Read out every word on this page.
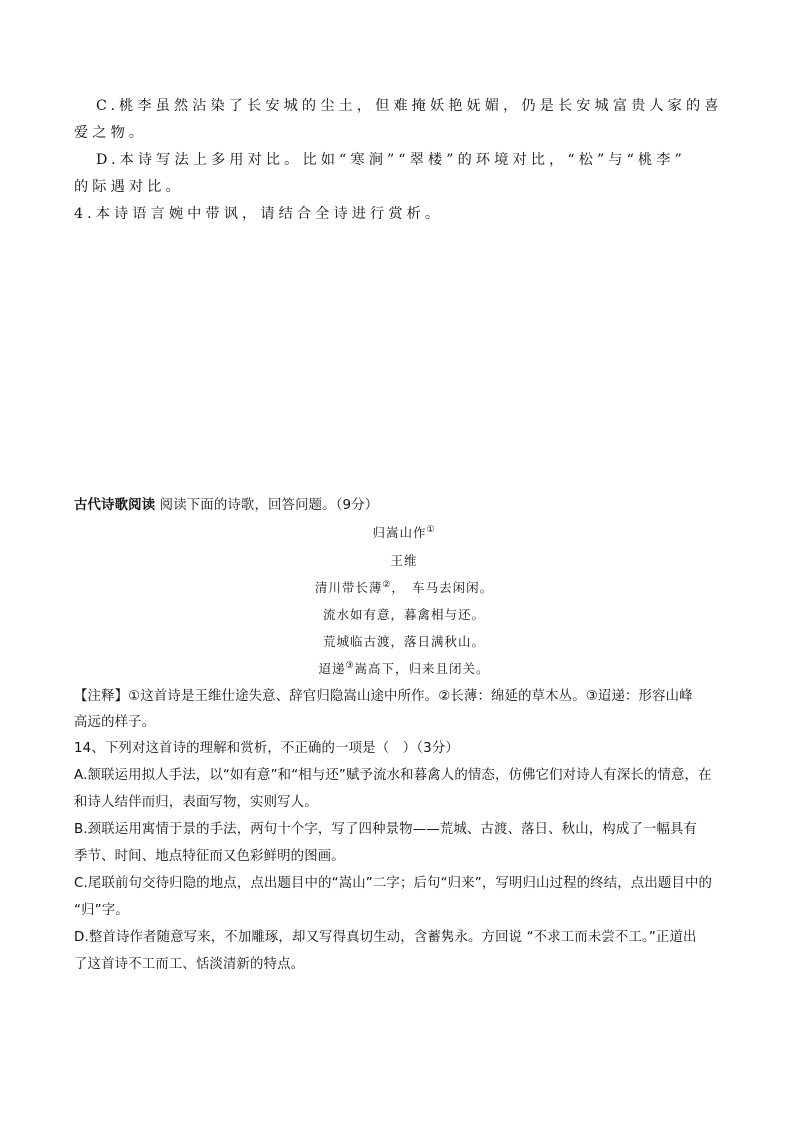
C.桃李虽然沾染了长安城的尘土，但难掩妖艳妩媚，仍是长安城富贵人家的喜
爱之物。
D.本诗写法上多用对比。比如“寒涧”“翠楼”的环境对比，“松”与“桃李”
的际遇对比。
4.本诗语言婉中带讽，请结合全诗进行赏析。
古代诗歌阅读 阅读下面的诗歌，回答问题。（9分）
归嵩山作①
王维
清川带长薄②，　车马去闲闲。
流水如有意，暮禽相与还。
荒城临古渡，落日满秋山。
迢递③嵩高下，归来且闭关。
【注释】①这首诗是王维仕途失意、辞官归隐嵩山途中所作。②长薄：绵延的草木丛。③迢递：形容山峰
高远的样子。
14、下列对这首诗的理解和赏析，不正确的一项是（　）（3分）
A.颔联运用拟人手法，以“如有意”和“相与还”赋予流水和暮禽人的情态，仿佛它们对诗人有深长的情意，在
和诗人结伴而归，表面写物，实则写人。
B.颈联运用寓情于景的手法，两句十个字，写了四种景物——荒城、古渡、落日、秋山，构成了一幅具有
季节、时间、地点特征而又色彩鲜明的图画。
C.尾联前句交待归隐的地点，点出题目中的“嵩山”二字；后句“归来”，写明归山过程的终结，点出题目中的
“归”字。
D.整首诗作者随意写来，不加雕琢，却又写得真切生动，含蓄隽永。方回说 “不求工而未尝不工。”正道出
了这首诗不工而工、恬淡清新的特点。
